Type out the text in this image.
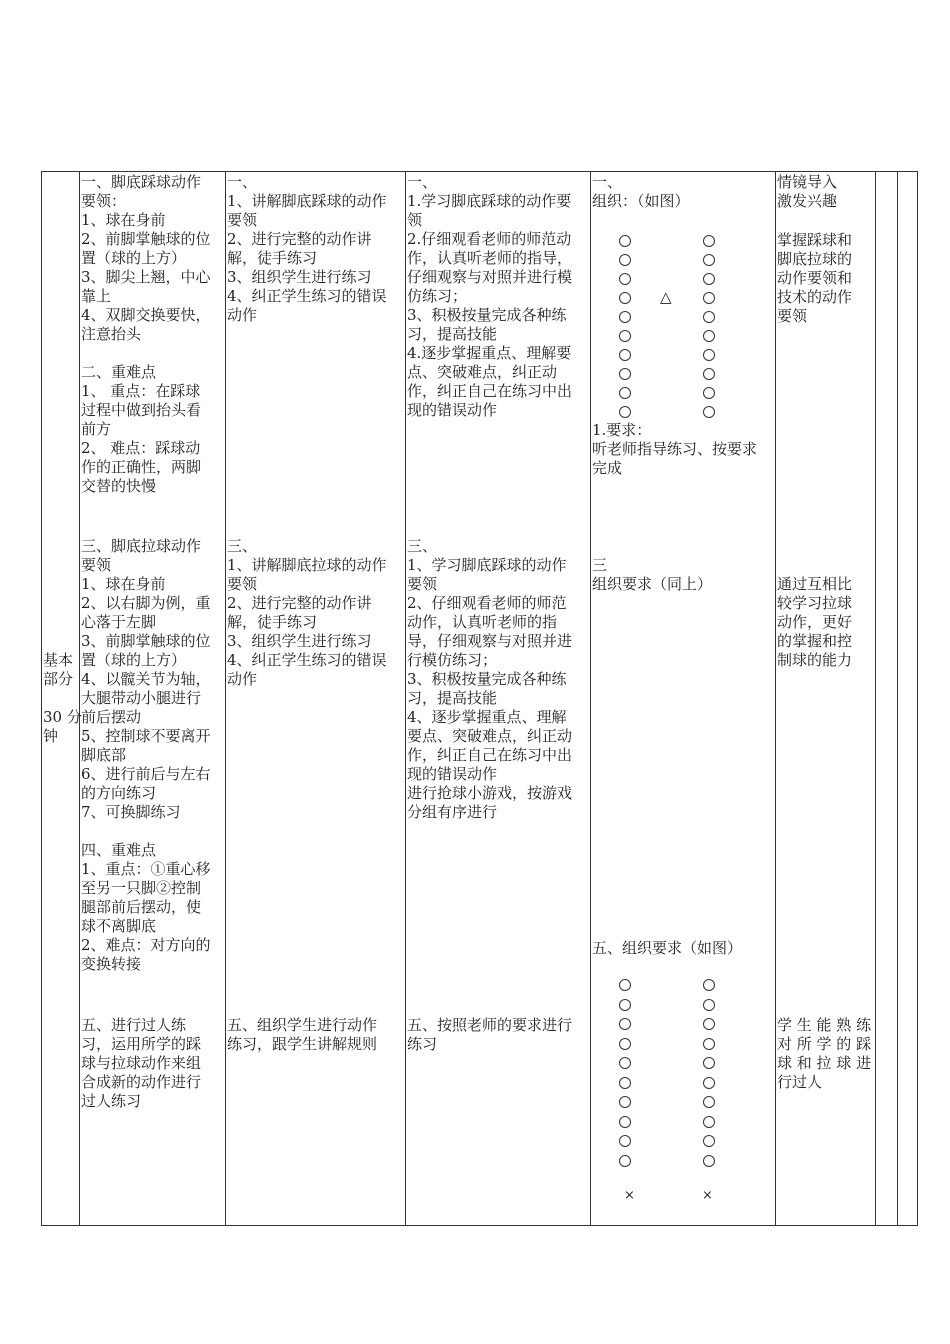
基本
部分
30 分
钟
一、脚底踩球动作
要领：
1、球在身前
2、前脚掌触球的位
置（球的上方）
3、脚尖上翘，中心
靠上
4、双脚交换要快，
注意抬头
二、重难点
1、 重点：在踩球
过程中做到抬头看
前方
2、 难点：踩球动
作的正确性，两脚
交替的快慢
三、脚底拉球动作
要领
1、球在身前
2、以右脚为例，重
心落于左脚
3、前脚掌触球的位
置（球的上方）
4、以髋关节为轴，
大腿带动小腿进行
前后摆动
5、控制球不要离开
脚底部
6、进行前后与左右
的方向练习
7、可换脚练习
四、重难点
1、重点：①重心移
至另一只脚②控制
腿部前后摆动，使
球不离脚底
2、难点：对方向的
变换转接
五、进行过人练
习，运用所学的踩
球与拉球动作来组
合成新的动作进行
过人练习
一、
1、讲解脚底踩球的动作
要领
2、进行完整的动作讲
解，徒手练习
3、组织学生进行练习
4、纠正学生练习的错误
动作
三、
1、讲解脚底拉球的动作
要领
2、进行完整的动作讲
解，徒手练习
3、组织学生进行练习
4、纠正学生练习的错误
动作
五、组织学生进行动作
练习，跟学生讲解规则
一、
1.学习脚底踩球的动作要
领
2.仔细观看老师的师范动
作，认真听老师的指导，
仔细观察与对照并进行模
仿练习；
3、积极按量完成各种练
习，提高技能
4.逐步掌握重点、理解要
点、突破难点，纠正动
作，纠正自己在练习中出
现的错误动作
三、
1、学习脚底踩球的动作
要领
2、仔细观看老师的师范
动作，认真听老师的指
导，仔细观察与对照并进
行模仿练习；
3、积极按量完成各种练
习，提高技能
4、逐步掌握重点、理解
要点、突破难点，纠正动
作，纠正自己在练习中出
现的错误动作
进行抢球小游戏，按游戏
分组有序进行
五、按照老师的要求进行
练习
一、
组织：（如图）
1.要求：
听老师指导练习、按要求
完成
三
组织要求（同上）
五、组织要求（如图）
△
×	×
情镜导入
激发兴趣
掌握踩球和
脚底拉球的
动作要领和
技术的动作
要领
通过互相比
较学习拉球
动作，更好
的掌握和控
制球的能力
学 生 能 熟 练
对 所 学 的 踩
球 和 拉 球 进
行过人
